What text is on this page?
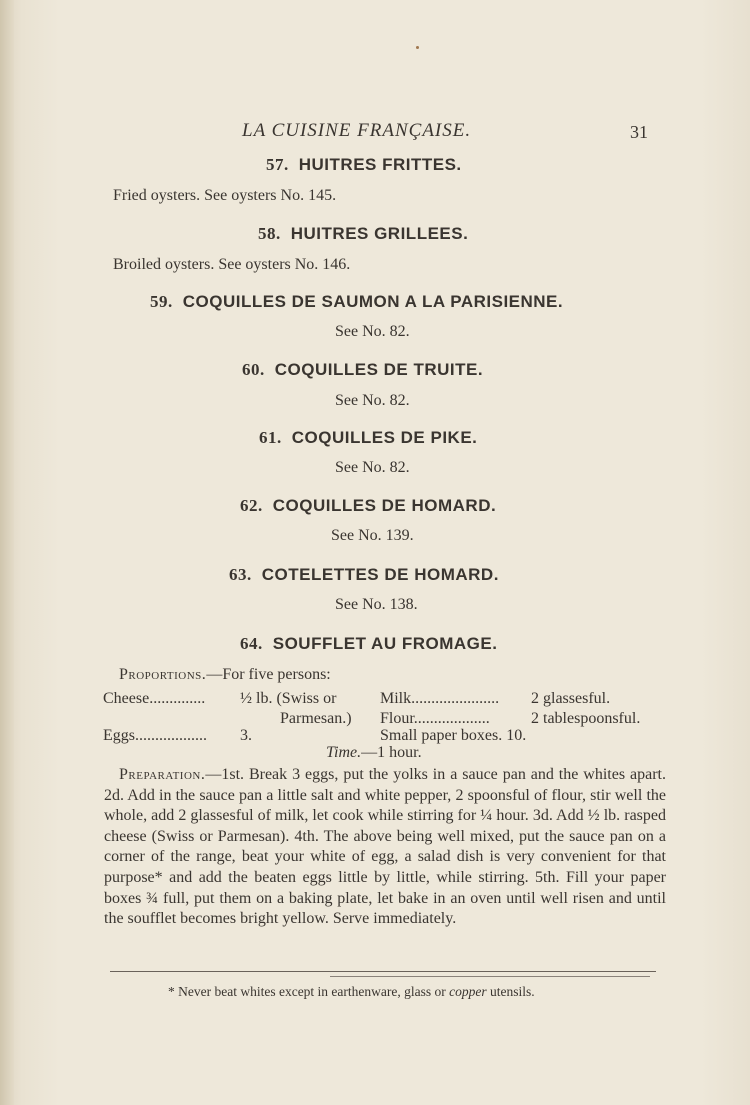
LA CUISINE FRANÇAISE.	31
57. HUITRES FRITTES.
Fried oysters. See oysters No. 145.
58. HUITRES GRILLEES.
Broiled oysters. See oysters No. 146.
59. COQUILLES DE SAUMON A LA PARISIENNE.
See No. 82.
60. COQUILLES DE TRUITE.
See No. 82.
61. COQUILLES DE PIKE.
See No. 82.
62. COQUILLES DE HOMARD.
See No. 139.
63. COTELETTES DE HOMARD.
See No. 138.
64. SOUFFLET AU FROMAGE.
Proportions.—For five persons:
Cheese.............. ½ lb. (Swiss or
Parmesan.)
Eggs.................. 3.
Milk...................... 2 glassesful.
Flour...................	2 tablespoonsful.
Small paper boxes. 10.
Time.—1 hour.
Preparation.—1st. Break 3 eggs, put the yolks in a sauce pan and the whites apart. 2d. Add in the sauce pan a little salt and white pepper, 2 spoonsful of flour, stir well the whole, add 2 glassesful of milk, let cook while stirring for ¼ hour. 3d. Add ½ lb. rasped cheese (Swiss or Parmesan). 4th. The above being well mixed, put the sauce pan on a corner of the range, beat your white of egg, a salad dish is very convenient for that purpose* and add the beaten eggs little by little, while stirring. 5th. Fill your paper boxes ¾ full, put them on a baking plate, let bake in an oven until well risen and until the soufflet becomes bright yellow. Serve immediately.
* Never beat whites except in earthenware, glass or copper utensils.
